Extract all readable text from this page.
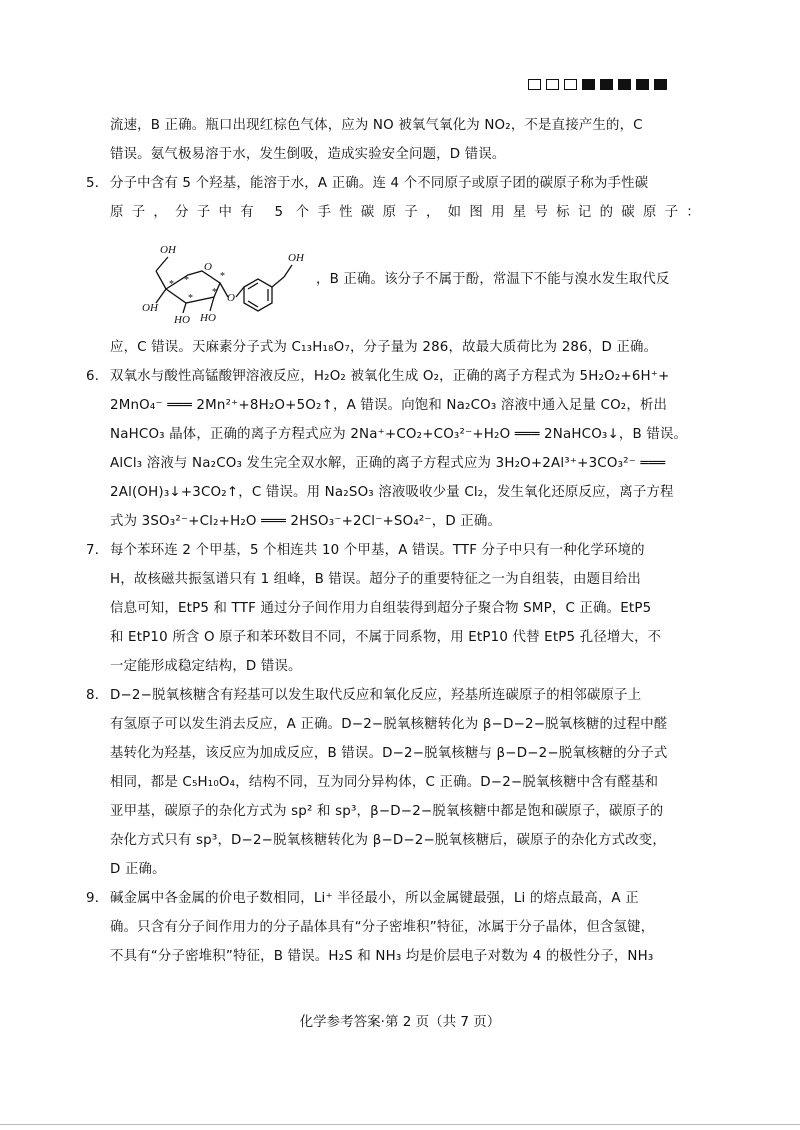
流速，B 正确。瓶口出现红棕色气体，应为 NO 被氧气氧化为 NO₂，不是直接产生的，C
错误。氨气极易溶于水，发生倒吸，造成实验安全问题，D 错误。
5． 分子中含有 5 个羟基，能溶于水，A 正确。连 4 个不同原子或原子团的碳原子称为手性碳
原子，分子中有 5 个手性碳原子，如图用星号标记的碳原子：
OH
O
OH
HO HO
O
OH
* *
*
*
*	，B 正确。该分子不属于酚，常温下不能与溴水发生取代反
应，C 错误。天麻素分子式为 C₁₃H₁₈O₇，分子量为 286，故最大质荷比为 286，D 正确。
6． 双氧水与酸性高锰酸钾溶液反应，H₂O₂ 被氧化生成 O₂，正确的离子方程式为 5H₂O₂+6H⁺+
2MnO₄⁻ ═══ 2Mn²⁺+8H₂O+5O₂↑，A 错误。向饱和 Na₂CO₃ 溶液中通入足量 CO₂，析出
NaHCO₃ 晶体，正确的离子方程式应为 2Na⁺+CO₂+CO₃²⁻+H₂O ═══ 2NaHCO₃↓，B 错误。
AlCl₃ 溶液与 Na₂CO₃ 发生完全双水解，正确的离子方程式应为 3H₂O+2Al³⁺+3CO₃²⁻ ═══
2Al(OH)₃↓+3CO₂↑，C 错误。用 Na₂SO₃ 溶液吸收少量 Cl₂，发生氧化还原反应，离子方程
式为 3SO₃²⁻+Cl₂+H₂O ═══ 2HSO₃⁻+2Cl⁻+SO₄²⁻，D 正确。
7． 每个苯环连 2 个甲基，5 个相连共 10 个甲基，A 错误。TTF 分子中只有一种化学环境的
H，故核磁共振氢谱只有 1 组峰，B 错误。超分子的重要特征之一为自组装，由题目给出
信息可知，EtP5 和 TTF 通过分子间作用力自组装得到超分子聚合物 SMP，C 正确。EtP5
和 EtP10 所含 O 原子和苯环数目不同，不属于同系物，用 EtP10 代替 EtP5 孔径增大，不
一定能形成稳定结构，D 错误。
8． D−2−脱氧核糖含有羟基可以发生取代反应和氧化反应，羟基所连碳原子的相邻碳原子上
有氢原子可以发生消去反应，A 正确。D−2−脱氧核糖转化为 β−D−2−脱氧核糖的过程中醛
基转化为羟基，该反应为加成反应，B 错误。D−2−脱氧核糖与 β−D−2−脱氧核糖的分子式
相同，都是 C₅H₁₀O₄，结构不同，互为同分异构体，C 正确。D−2−脱氧核糖中含有醛基和
亚甲基，碳原子的杂化方式为 sp² 和 sp³，β−D−2−脱氧核糖中都是饱和碳原子，碳原子的
杂化方式只有 sp³，D−2−脱氧核糖转化为 β−D−2−脱氧核糖后，碳原子的杂化方式改变，
D 正确。
9． 碱金属中各金属的价电子数相同，Li⁺ 半径最小，所以金属键最强，Li 的熔点最高，A 正
确。只含有分子间作用力的分子晶体具有“分子密堆积”特征，冰属于分子晶体，但含氢键，
不具有“分子密堆积”特征，B 错误。H₂S 和 NH₃ 均是价层电子对数为 4 的极性分子，NH₃
化学参考答案·第 2 页（共 7 页）
